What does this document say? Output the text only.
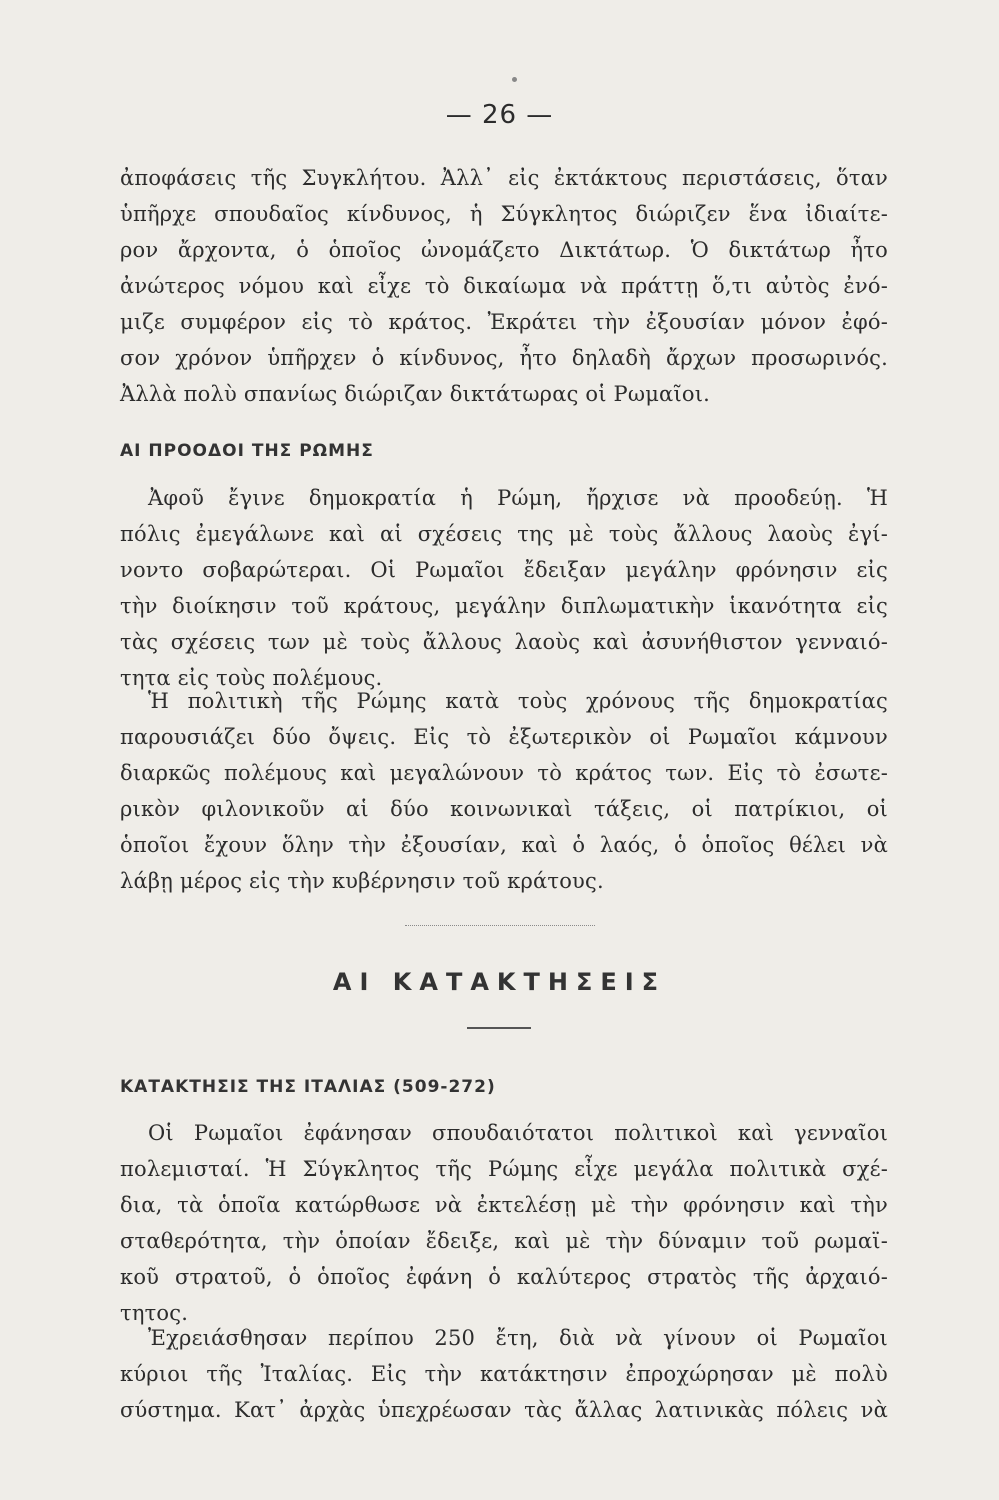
— 26 —
ἀποφάσεις τῆς Συγκλήτου. Ἀλλ᾽ εἰς ἐκτάκτους περιστάσεις, ὅταν
ὑπῆρχε σπουδαῖος κίνδυνος, ἡ Σύγκλητος διώριζεν ἕνα ἰδιαίτε-
ρον ἄρχοντα, ὁ ὁποῖος ὠνομάζετο Δικτάτωρ. Ὁ δικτάτωρ ἦτο
ἀνώτερος νόμου καὶ εἶχε τὸ δικαίωμα νὰ πράττῃ ὅ,τι αὐτὸς ἐνό-
μιζε συμφέρον εἰς τὸ κράτος. Ἐκράτει τὴν ἐξουσίαν μόνον ἐφό-
σον χρόνον ὑπῆρχεν ὁ κίνδυνος, ἦτο δηλαδὴ ἄρχων προσωρινός.
Ἀλλὰ πολὺ σπανίως διώριζαν δικτάτωρας οἱ Ρωμαῖοι.
ΑΙ ΠΡΟΟΔΟΙ ΤΗΣ ΡΩΜΗΣ
Ἀφοῦ ἔγινε δημοκρατία ἡ Ρώμη, ἤρχισε νὰ προοδεύῃ. Ἡ
πόλις ἐμεγάλωνε καὶ αἱ σχέσεις της μὲ τοὺς ἄλλους λαοὺς ἐγί-
νοντο σοβαρώτεραι. Οἱ Ρωμαῖοι ἔδειξαν μεγάλην φρόνησιν εἰς
τὴν διοίκησιν τοῦ κράτους, μεγάλην διπλωματικὴν ἱκανότητα εἰς
τὰς σχέσεις των μὲ τοὺς ἄλλους λαοὺς καὶ ἀσυνήθιστον γενναιό-
τητα εἰς τοὺς πολέμους.
Ἡ πολιτικὴ τῆς Ρώμης κατὰ τοὺς χρόνους τῆς δημοκρατίας
παρουσιάζει δύο ὄψεις. Εἰς τὸ ἐξωτερικὸν οἱ Ρωμαῖοι κάμνουν
διαρκῶς πολέμους καὶ μεγαλώνουν τὸ κράτος των. Εἰς τὸ ἐσωτε-
ρικὸν φιλονικοῦν αἱ δύο κοινωνικαὶ τάξεις, οἱ πατρίκιοι, οἱ
ὁποῖοι ἔχουν ὅλην τὴν ἐξουσίαν, καὶ ὁ λαός, ὁ ὁποῖος θέλει νὰ
λάβῃ μέρος εἰς τὴν κυβέρνησιν τοῦ κράτους.
ΑΙ ΚΑΤΑΚΤΗΣΕΙΣ
ΚΑΤΑΚΤΗΣΙΣ ΤΗΣ ΙΤΑΛΙΑΣ (509-272)
Οἱ Ρωμαῖοι ἐφάνησαν σπουδαιότατοι πολιτικοὶ καὶ γενναῖοι
πολεμισταί. Ἡ Σύγκλητος τῆς Ρώμης εἶχε μεγάλα πολιτικὰ σχέ-
δια, τὰ ὁποῖα κατώρθωσε νὰ ἐκτελέσῃ μὲ τὴν φρόνησιν καὶ τὴν
σταθερότητα, τὴν ὁποίαν ἔδειξε, καὶ μὲ τὴν δύναμιν τοῦ ρωμαϊ-
κοῦ στρατοῦ, ὁ ὁποῖος ἐφάνη ὁ καλύτερος στρατὸς τῆς ἀρχαιό-
τητος.
Ἐχρειάσθησαν περίπου 250 ἔτη, διὰ νὰ γίνουν οἱ Ρωμαῖοι
κύριοι τῆς Ἰταλίας. Εἰς τὴν κατάκτησιν ἐπροχώρησαν μὲ πολὺ
σύστημα. Κατ᾽ ἀρχὰς ὑπεχρέωσαν τὰς ἄλλας λατινικὰς πόλεις νὰ
